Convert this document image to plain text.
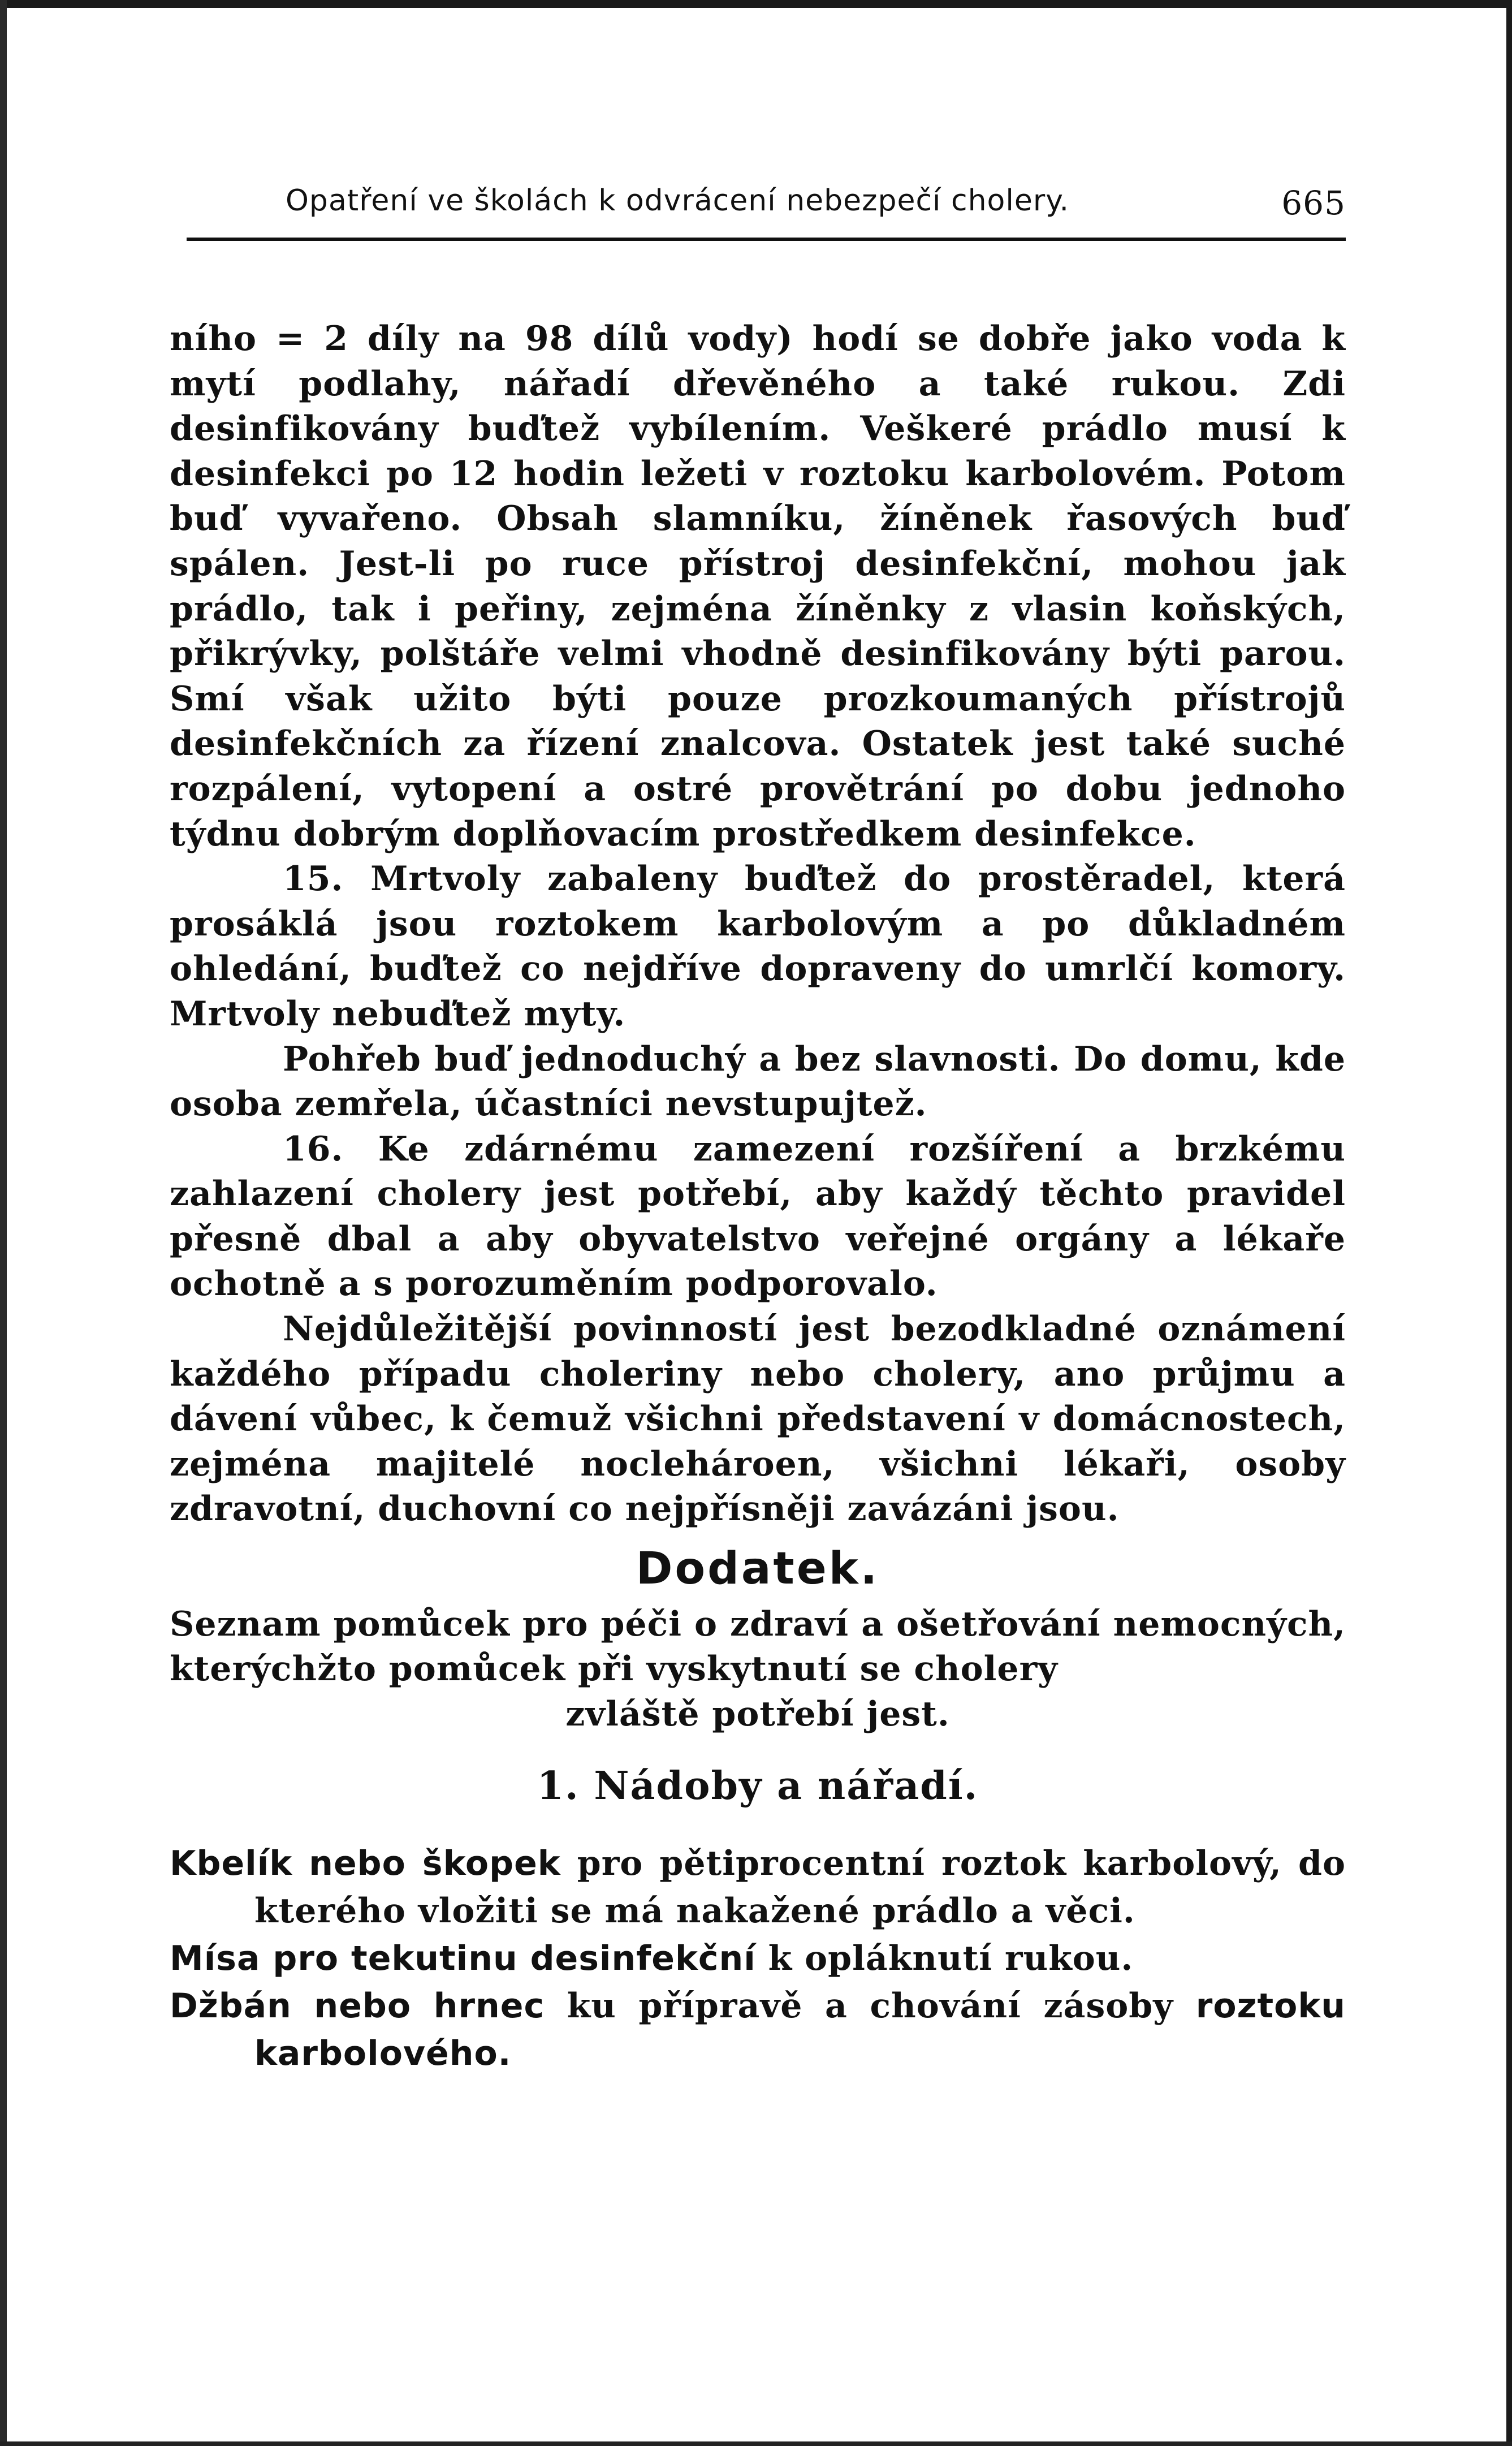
Opatření ve školách k odvrácení nebezpečí cholery.	665

ního = 2 díly na 98 dílů vody) hodí se dobře jako voda k mytí podlahy, nářadí dřevěného a také rukou. Zdi desinfikovány buďtež vybílením. Veškeré prádlo musí k desinfekci po 12 hodin ležeti v roztoku karbolovém. Potom buď vyvařeno. Obsah slamníku, žíněnek řasových buď spálen. Jest-li po ruce přístroj desinfekční, mohou jak prádlo, tak i peřiny, zejména žíněnky z vlasin koňských, přikrývky, polštáře velmi vhodně desinfikovány býti parou. Smí však užito býti pouze prozkoumaných přístrojů desinfekčních za řízení znalcova. Ostatek jest také suché rozpálení, vytopení a ostré provětrání po dobu jednoho týdnu dobrým doplňovacím prostředkem desinfekce.

15. Mrtvoly zabaleny buďtež do prostěradel, která prosáklá jsou roztokem karbolovým a po důkladném ohledání, buďtež co nejdříve dopraveny do umrlčí komory. Mrtvoly nebuďtež myty.

Pohřeb buď jednoduchý a bez slavnosti. Do domu, kde osoba zemřela, účastníci nevstupujtež.

16. Ke zdárnému zamezení rozšíření a brzkému zahlazení cholery jest potřebí, aby každý těchto pravidel přesně dbal a aby obyvatelstvo veřejné orgány a lékaře ochotně a s porozuměním podporovalo.

Nejdůležitější povinností jest bezodkladné oznámení každého případu choleriny nebo cholery, ano průjmu a dávení vůbec, k čemuž všichni představení v domácnostech, zejména majitelé noclehároen, všichni lékaři, osoby zdravotní, duchovní co nejpřísněji zavázáni jsou.

Dodatek.

Seznam pomůcek pro péči o zdraví a ošetřování nemocných, kterýchžto pomůcek při vyskytnutí se cholery

zvláště potřebí jest.

1. Nádoby a nářadí.

Kbelík nebo škopek pro pětiprocentní roztok karbolový, do kterého vložiti se má nakažené prádlo a věci.

Mísa pro tekutinu desinfekční k opláknutí rukou.

Džbán nebo hrnec ku přípravě a chování zásoby roztoku karbolového.
